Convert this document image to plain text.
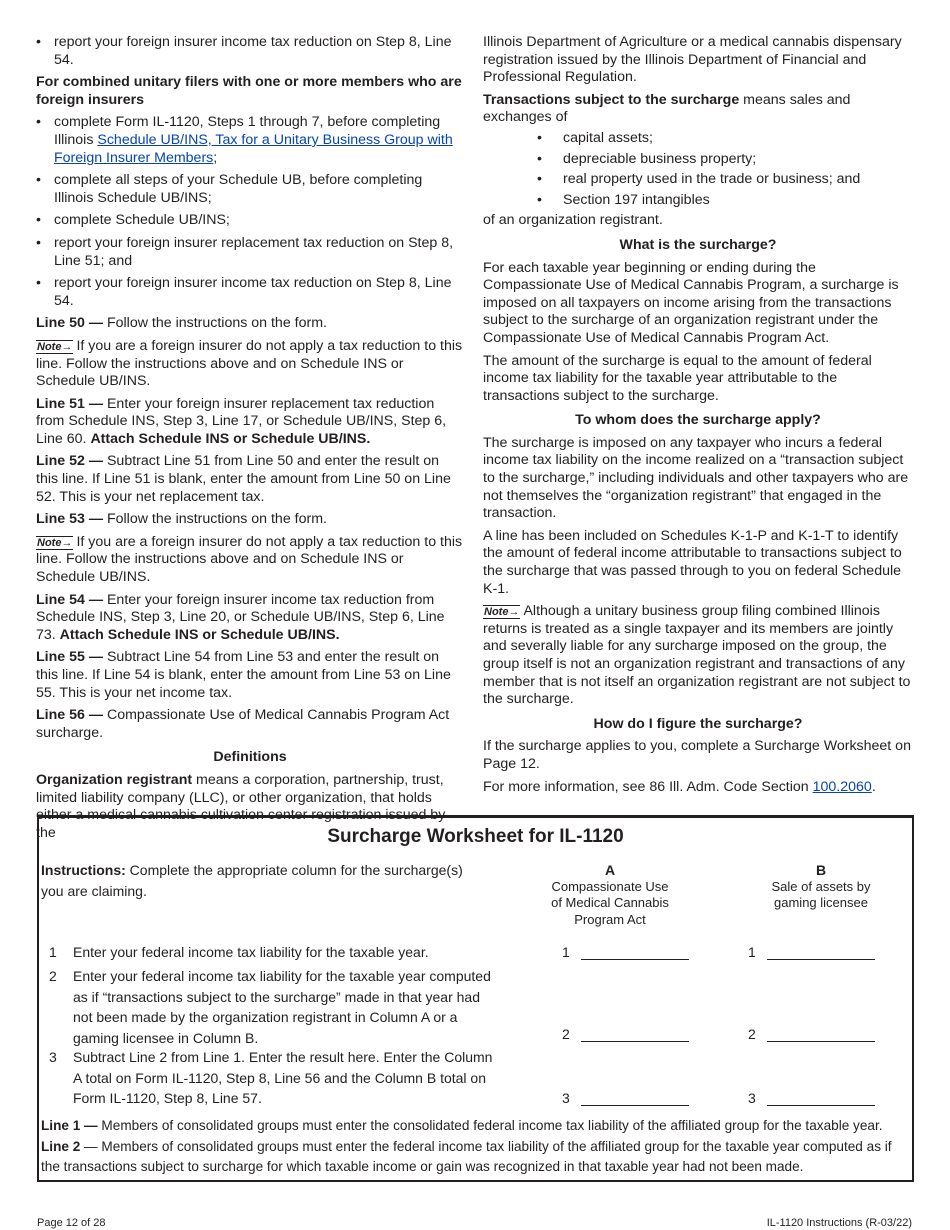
• report your foreign insurer income tax reduction on Step 8, Line 54.
For combined unitary filers with one or more members who are foreign insurers
• complete Form IL-1120, Steps 1 through 7, before completing Illinois Schedule UB/INS, Tax for a Unitary Business Group with Foreign Insurer Members;
• complete all steps of your Schedule UB, before completing Illinois Schedule UB/INS;
• complete Schedule UB/INS;
• report your foreign insurer replacement tax reduction on Step 8, Line 51; and
• report your foreign insurer income tax reduction on Step 8, Line 54.
Line 50 — Follow the instructions on the form.
Note→ If you are a foreign insurer do not apply a tax reduction to this line. Follow the instructions above and on Schedule INS or Schedule UB/INS.
Line 51 — Enter your foreign insurer replacement tax reduction from Schedule INS, Step 3, Line 17, or Schedule UB/INS, Step 6, Line 60. Attach Schedule INS or Schedule UB/INS.
Line 52 — Subtract Line 51 from Line 50 and enter the result on this line. If Line 51 is blank, enter the amount from Line 50 on Line 52. This is your net replacement tax.
Line 53 — Follow the instructions on the form.
Note→ If you are a foreign insurer do not apply a tax reduction to this line. Follow the instructions above and on Schedule INS or Schedule UB/INS.
Line 54 — Enter your foreign insurer income tax reduction from Schedule INS, Step 3, Line 20, or Schedule UB/INS, Step 6, Line 73. Attach Schedule INS or Schedule UB/INS.
Line 55 — Subtract Line 54 from Line 53 and enter the result on this line. If Line 54 is blank, enter the amount from Line 53 on Line 55. This is your net income tax.
Line 56 — Compassionate Use of Medical Cannabis Program Act surcharge.
Definitions
Organization registrant means a corporation, partnership, trust, limited liability company (LLC), or other organization, that holds either a medical cannabis cultivation center registration issued by the
Illinois Department of Agriculture or a medical cannabis dispensary registration issued by the Illinois Department of Financial and Professional Regulation.
Transactions subject to the surcharge means sales and exchanges of
• capital assets;
• depreciable business property;
• real property used in the trade or business; and
• Section 197 intangibles
of an organization registrant.
What is the surcharge?
For each taxable year beginning or ending during the Compassionate Use of Medical Cannabis Program, a surcharge is imposed on all taxpayers on income arising from the transactions subject to the surcharge of an organization registrant under the Compassionate Use of Medical Cannabis Program Act.
The amount of the surcharge is equal to the amount of federal income tax liability for the taxable year attributable to the transactions subject to the surcharge.
To whom does the surcharge apply?
The surcharge is imposed on any taxpayer who incurs a federal income tax liability on the income realized on a “transaction subject to the surcharge,” including individuals and other taxpayers who are not themselves the “organization registrant” that engaged in the transaction.
A line has been included on Schedules K-1-P and K-1-T to identify the amount of federal income attributable to transactions subject to the surcharge that was passed through to you on federal Schedule K-1.
Note→ Although a unitary business group filing combined Illinois returns is treated as a single taxpayer and its members are jointly and severally liable for any surcharge imposed on the group, the group itself is not an organization registrant and transactions of any member that is not itself an organization registrant are not subject to the surcharge.
How do I figure the surcharge?
If the surcharge applies to you, complete a Surcharge Worksheet on Page 12.
For more information, see 86 Ill. Adm. Code Section 100.2060.
Surcharge Worksheet for IL-1120
Instructions: Complete the appropriate column for the surcharge(s) you are claiming.
A
Compassionate Use of Medical Cannabis Program Act
B
Sale of assets by gaming licensee
1 Enter your federal income tax liability for the taxable year.
2 Enter your federal income tax liability for the taxable year computed as if “transactions subject to the surcharge” made in that year had not been made by the organization registrant in Column A or a gaming licensee in Column B.
3 Subtract Line 2 from Line 1. Enter the result here. Enter the Column A total on Form IL-1120, Step 8, Line 56 and the Column B total on Form IL-1120, Step 8, Line 57.
1	1
2	2
3	3
Line 1 — Members of consolidated groups must enter the consolidated federal income tax liability of the affiliated group for the taxable year.
Line 2 — Members of consolidated groups must enter the federal income tax liability of the affiliated group for the taxable year computed as if the transactions subject to surcharge for which taxable income or gain was recognized in that taxable year had not been made.
Page 12 of 28	IL-1120 Instructions (R-03/22)
